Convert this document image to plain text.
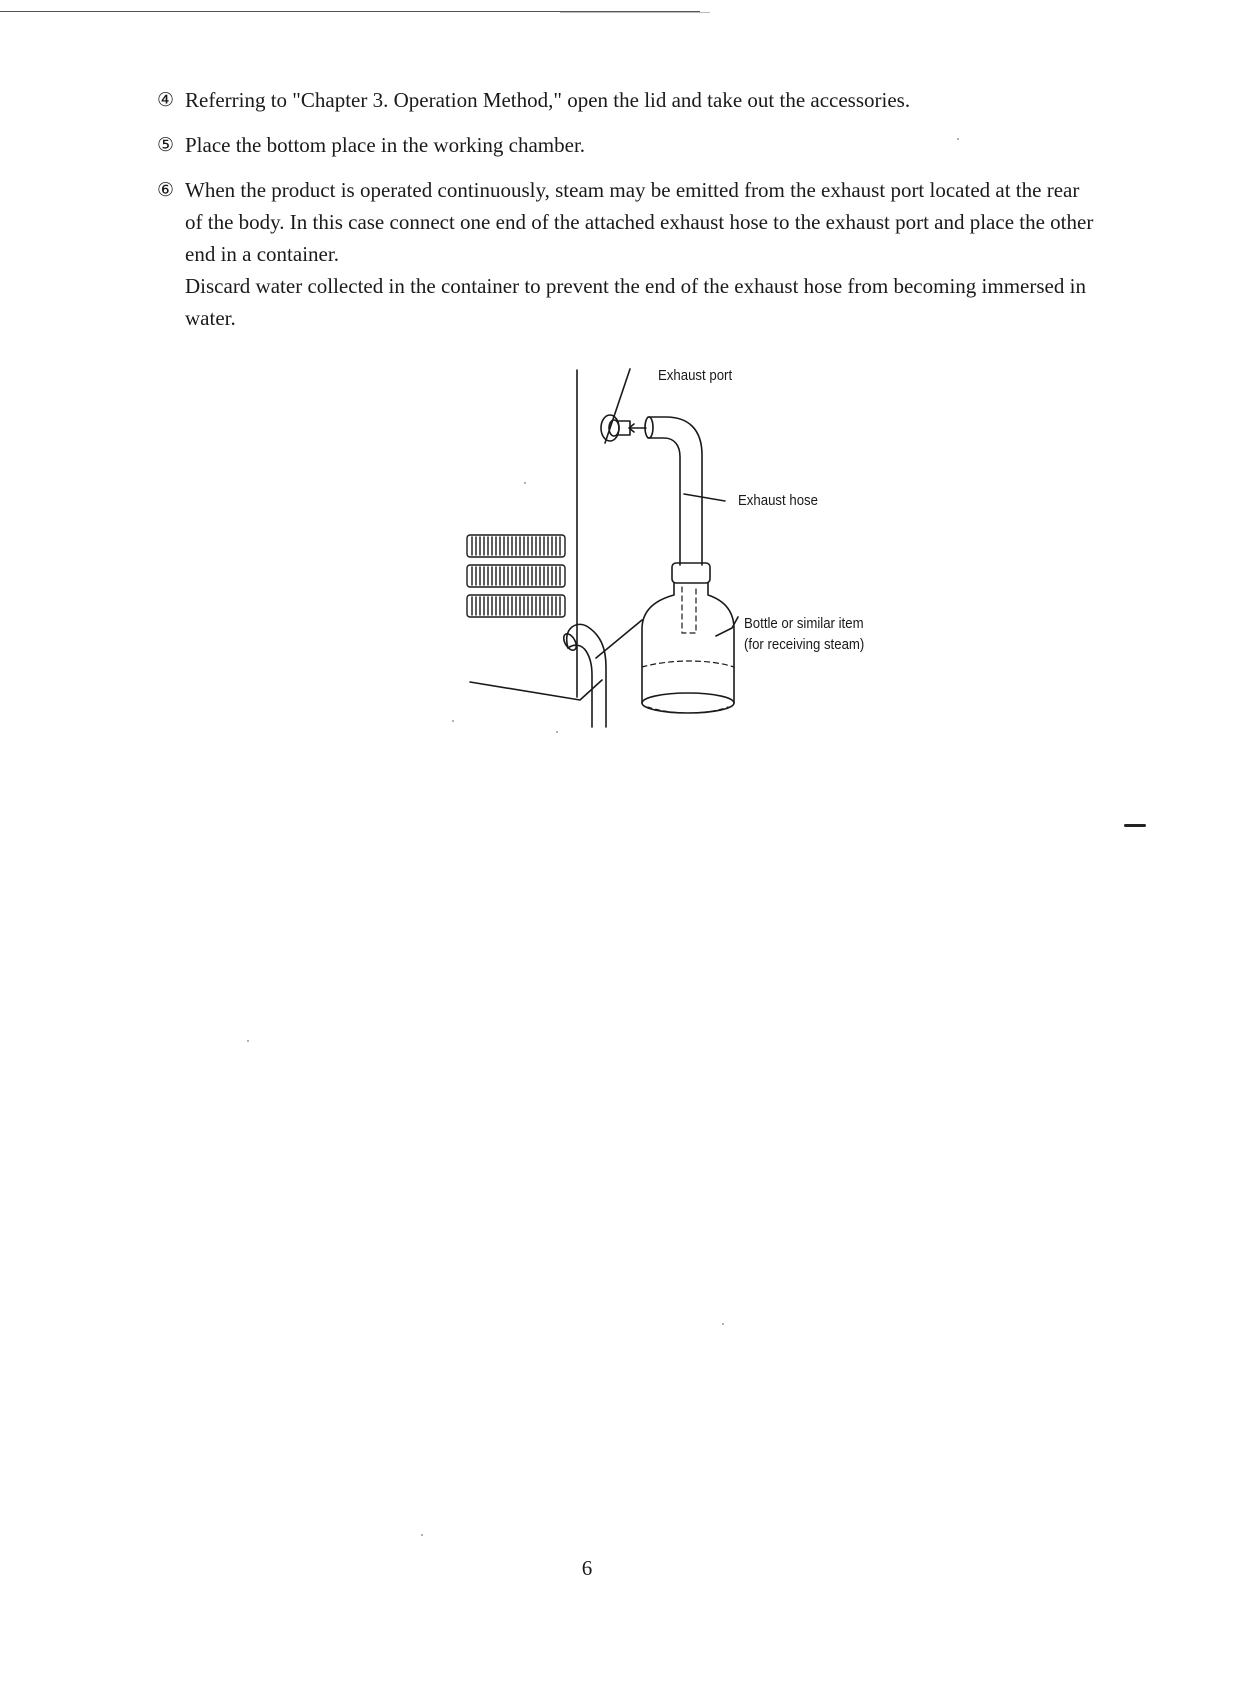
④ Referring to "Chapter 3. Operation Method," open the lid and take out the accessories.

⑤ Place the bottom place in the working chamber.

⑥ When the product is operated continuously, steam may be emitted from the exhaust port located at the rear of the body. In this case connect one end of the attached exhaust hose to the exhaust port and place the other end in a container.

Discard water collected in the container to prevent the end of the exhaust hose from becoming immersed in water.

Exhaust port
Exhaust hose
Bottle or similar item
(for receiving steam)
6
